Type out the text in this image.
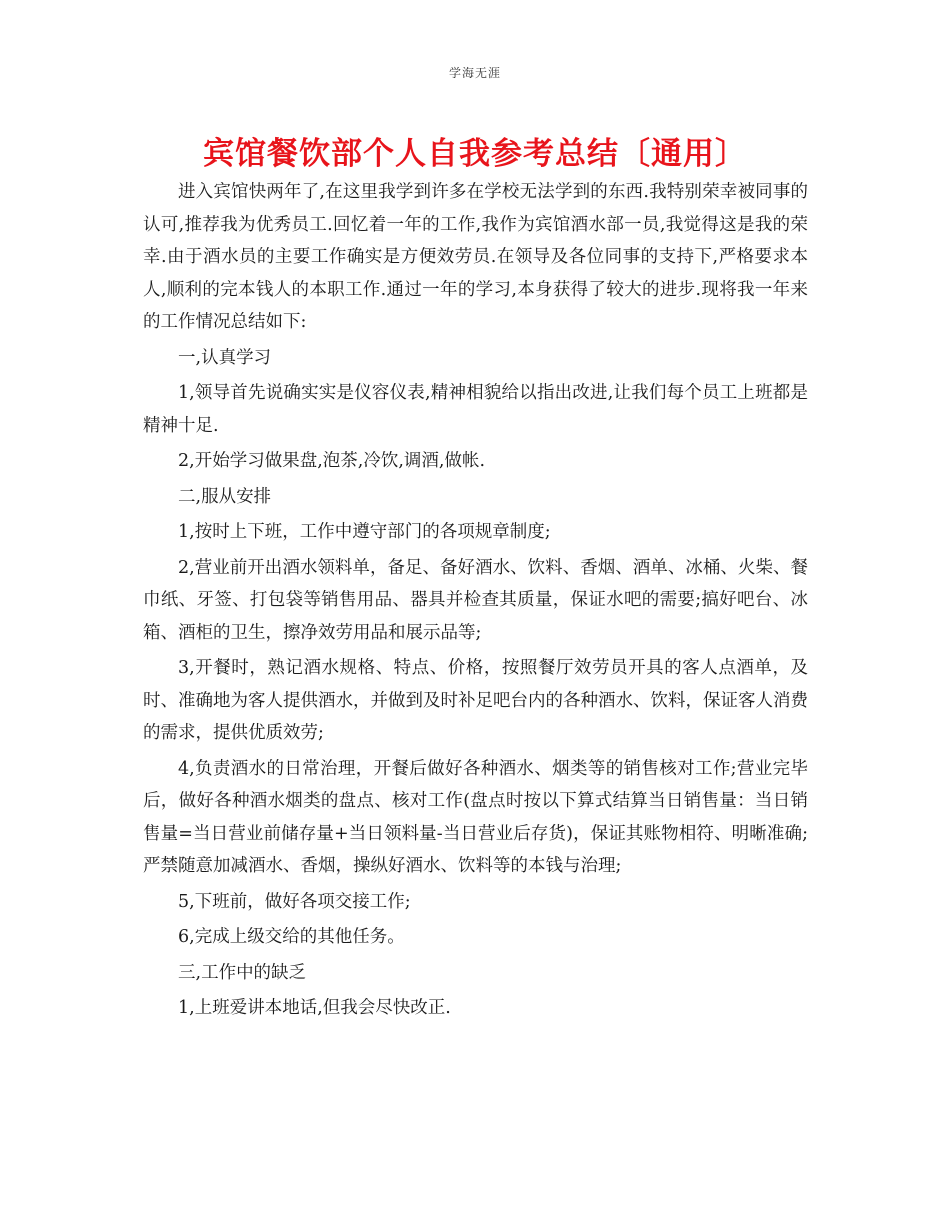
学海无涯
宾馆餐饮部个人自我参考总结〔通用〕

进入宾馆快两年了,在这里我学到许多在学校无法学到的东西.我特别荣幸被同事的认可,推荐我为优秀员工.回忆着一年的工作,我作为宾馆酒水部一员,我觉得这是我的荣幸.由于酒水员的主要工作确实是方便效劳员.在领导及各位同事的支持下,严格要求本人,顺利的完本钱人的本职工作.通过一年的学习,本身获得了较大的进步.现将我一年来的工作情况总结如下:

一,认真学习

1,领导首先说确实实是仪容仪表,精神相貌给以指出改进,让我们每个员工上班都是精神十足.

2,开始学习做果盘,泡茶,冷饮,调酒,做帐.

二,服从安排

1,按时上下班，工作中遵守部门的各项规章制度;

2,营业前开出酒水领料单，备足、备好酒水、饮料、香烟、酒单、冰桶、火柴、餐巾纸、牙签、打包袋等销售用品、器具并检查其质量，保证水吧的需要;搞好吧台、冰箱、酒柜的卫生，擦净效劳用品和展示品等;

3,开餐时，熟记酒水规格、特点、价格，按照餐厅效劳员开具的客人点酒单，及时、准确地为客人提供酒水，并做到及时补足吧台内的各种酒水、饮料，保证客人消费的需求，提供优质效劳;

4,负责酒水的日常治理，开餐后做好各种酒水、烟类等的销售核对工作;营业完毕后，做好各种酒水烟类的盘点、核对工作(盘点时按以下算式结算当日销售量：当日销售量=当日营业前储存量+当日领料量-当日营业后存货)，保证其账物相符、明晰准确;严禁随意加减酒水、香烟，操纵好酒水、饮料等的本钱与治理;

5,下班前，做好各项交接工作;

6,完成上级交给的其他任务。

三,工作中的缺乏

1,上班爱讲本地话,但我会尽快改正.
